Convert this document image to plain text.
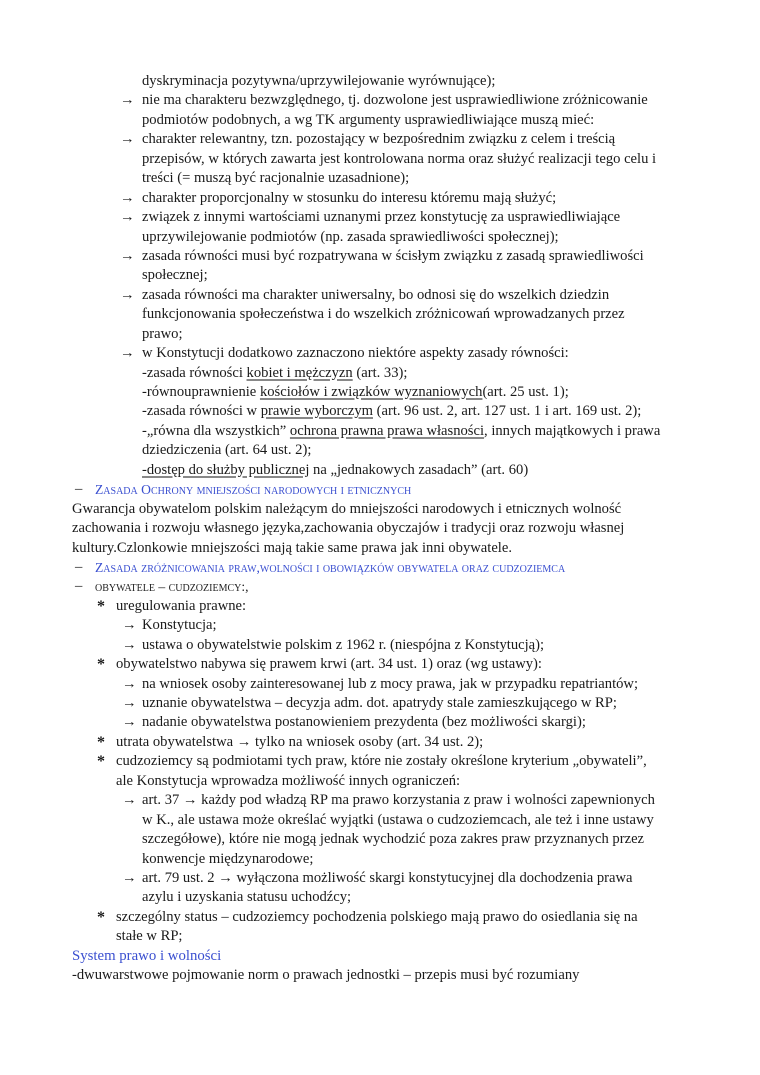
dyskryminacja pozytywna/uprzywilejowanie wyrównujące);
→ nie ma charakteru bezwzględnego, tj. dozwolone jest usprawiedliwione zróżnicowanie
podmiotów podobnych, a wg TK argumenty usprawiedliwiające muszą mieć:
→ charakter relewantny, tzn. pozostający w bezpośrednim związku z celem i treścią
przepisów, w których zawarta jest kontrolowana norma oraz służyć realizacji tego celu i
treści (= muszą być racjonalnie uzasadnione);
→ charakter proporcjonalny w stosunku do interesu któremu mają służyć;
→ związek z innymi wartościami uznanymi przez konstytucję za usprawiedliwiające
uprzywilejowanie podmiotów (np. zasada sprawiedliwości społecznej);
→ zasada równości musi być rozpatrywana w ścisłym związku z zasadą sprawiedliwości
społecznej;
→ zasada równości ma charakter uniwersalny, bo odnosi się do wszelkich dziedzin
funkcjonowania społeczeństwa i do wszelkich zróżnicowań wprowadzanych przez
prawo;
→ w Konstytucji dodatkowo zaznaczono niektóre aspekty zasady równości:
-zasada równości kobiet i mężczyzn (art. 33);
-równouprawnienie kościołów i związków wyznaniowych(art. 25 ust. 1);
-zasada równości w prawie wyborczym (art. 96 ust. 2, art. 127 ust. 1 i art. 169 ust. 2);
-„równa dla wszystkich” ochrona prawna prawa własności, innych majątkowych i prawa
dziedziczenia (art. 64 ust. 2);
-dostęp do służby publicznej na „jednakowych zasadach” (art. 60)
– Zasada Ochrony mniejszości narodowych i etnicznych
Gwarancja obywatelom polskim należącym do mniejszości narodowych i etnicznych wolność
zachowania i rozwoju własnego języka,zachowania obyczajów i tradycji oraz rozwoju własnej
kultury.Czlonkowie mniejszości mają takie same prawa jak inni obywatele.
– Zasada zróżnicowania praw,wolności i obowiązków obywatela oraz cudzoziemca
– obywatele – cudzoziemcy:,
* uregulowania prawne:
→ Konstytucja;
→ ustawa o obywatelstwie polskim z 1962 r. (niespójna z Konstytucją);
* obywatelstwo nabywa się prawem krwi (art. 34 ust. 1) oraz (wg ustawy):
→ na wniosek osoby zainteresowanej lub z mocy prawa, jak w przypadku repatriantów;
→ uznanie obywatelstwa – decyzja adm. dot. apatrydy stale zamieszkującego w RP;
→ nadanie obywatelstwa postanowieniem prezydenta (bez możliwości skargi);
* utrata obywatelstwa → tylko na wniosek osoby (art. 34 ust. 2);
* cudzoziemcy są podmiotami tych praw, które nie zostały określone kryterium „obywateli”,
ale Konstytucja wprowadza możliwość innych ograniczeń:
→ art. 37 → każdy pod władzą RP ma prawo korzystania z praw i wolności zapewnionych
w K., ale ustawa może określać wyjątki (ustawa o cudzoziemcach, ale też i inne ustawy
szczegółowe), które nie mogą jednak wychodzić poza zakres praw przyznanych przez
konwencje międzynarodowe;
→ art. 79 ust. 2 → wyłączona możliwość skargi konstytucyjnej dla dochodzenia prawa
azylu i uzyskania statusu uchodźcy;
* szczególny status – cudzoziemcy pochodzenia polskiego mają prawo do osiedlania się na
stałe w RP;
System prawo i wolności
-dwuwarstwowe pojmowanie norm o prawach jednostki – przepis musi być rozumiany
